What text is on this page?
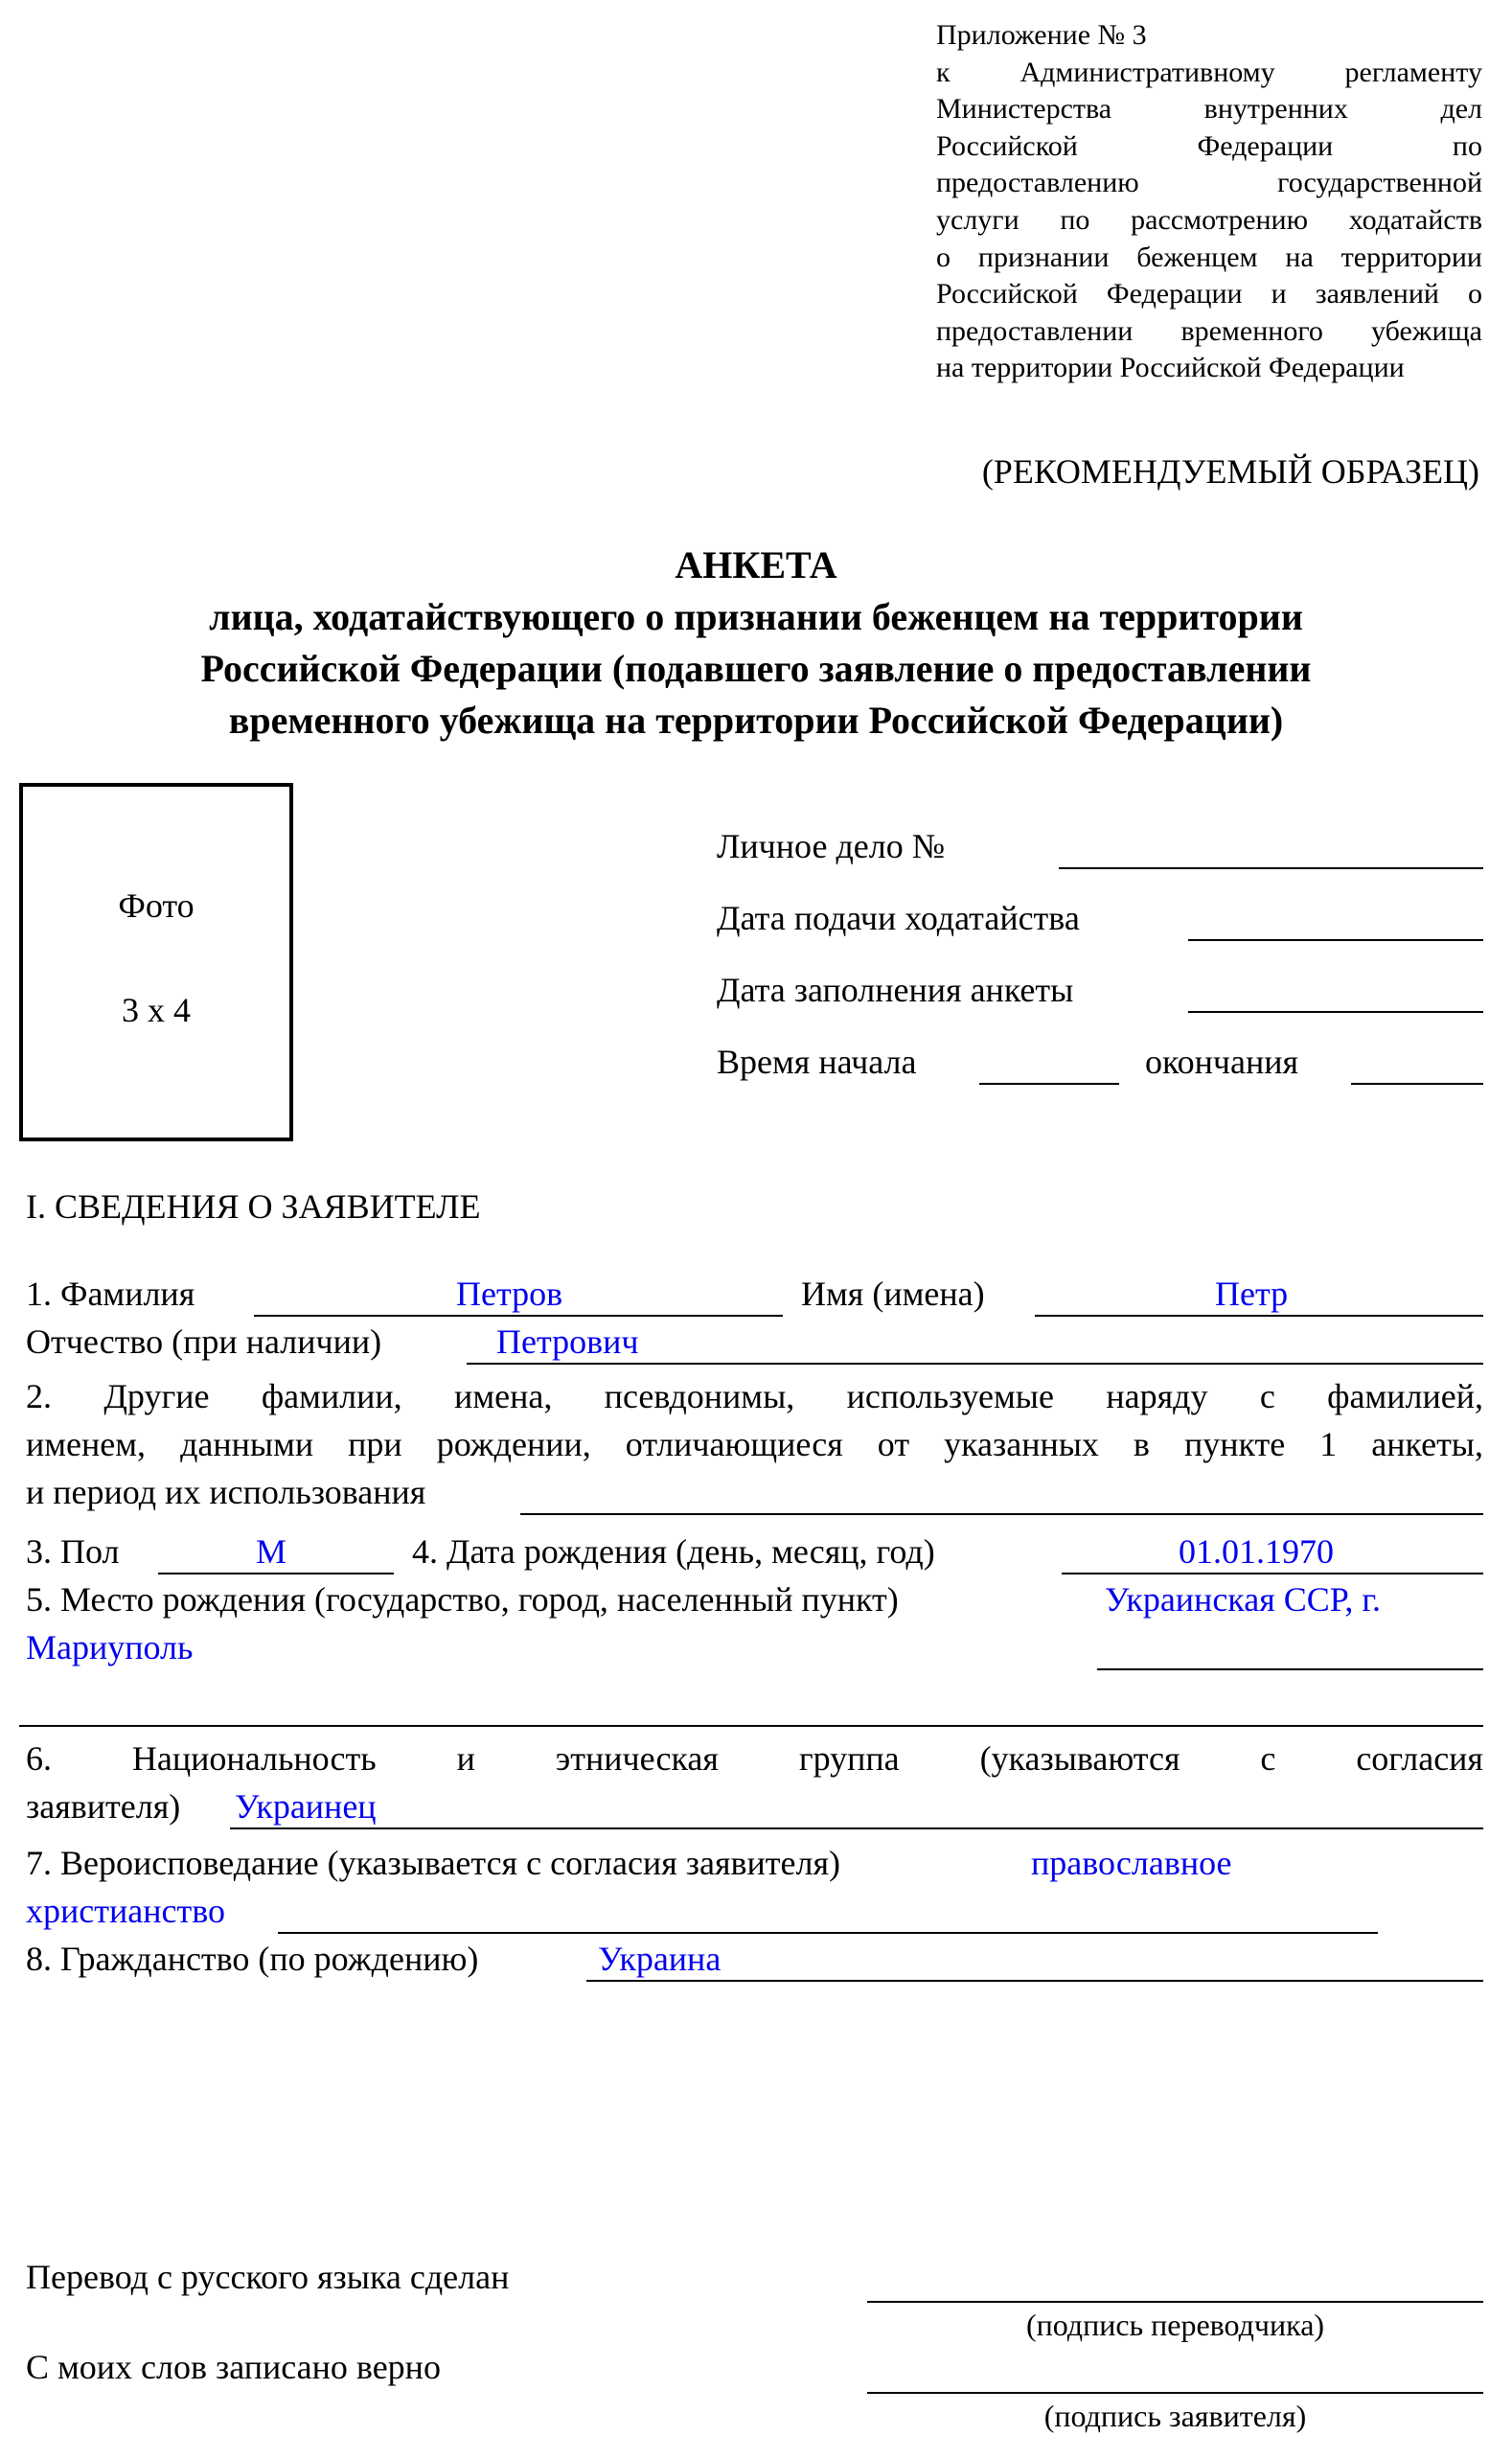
Приложение № 3
к Административному регламенту
Министерства внутренних дел
Российской Федерации по
предоставлению государственной
услуги по рассмотрению ходатайств
о признании беженцем на территории
Российской Федерации и заявлений о
предоставлении временного убежища
на территории Российской Федерации
(РЕКОМЕНДУЕМЫЙ ОБРАЗЕЦ)
АНКЕТА
лица, ходатайствующего о признании беженцем на территории
Российской Федерации (подавшего заявление о предоставлении
временного убежища на территории Российской Федерации)
Фото
3 х 4
Личное дело №
Дата подачи ходатайства
Дата заполнения анкеты
Время начала	окончания
I. СВЕДЕНИЯ О ЗАЯВИТЕЛЕ
1. Фамилия	Петров	Имя (имена)	Петр
Отчество (при наличии)	Петрович
2. Другие фамилии, имена, псевдонимы, используемые наряду с фамилией,
именем, данными при рождении, отличающиеся от указанных в пункте 1 анкеты,
и период их использования
3. Пол	М	4. Дата рождения (день, месяц, год)	01.01.1970
5. Место рождения (государство, город, населенный пункт)	Украинская ССР, г.
Мариуполь
6. Национальность и этническая группа (указываются с согласия
заявителя) Украинец
7. Вероисповедание (указывается с согласия заявителя)	православное
христианство
8. Гражданство (по рождению)	Украина
Перевод с русского языка сделан
(подпись переводчика)
С моих слов записано верно
(подпись заявителя)
